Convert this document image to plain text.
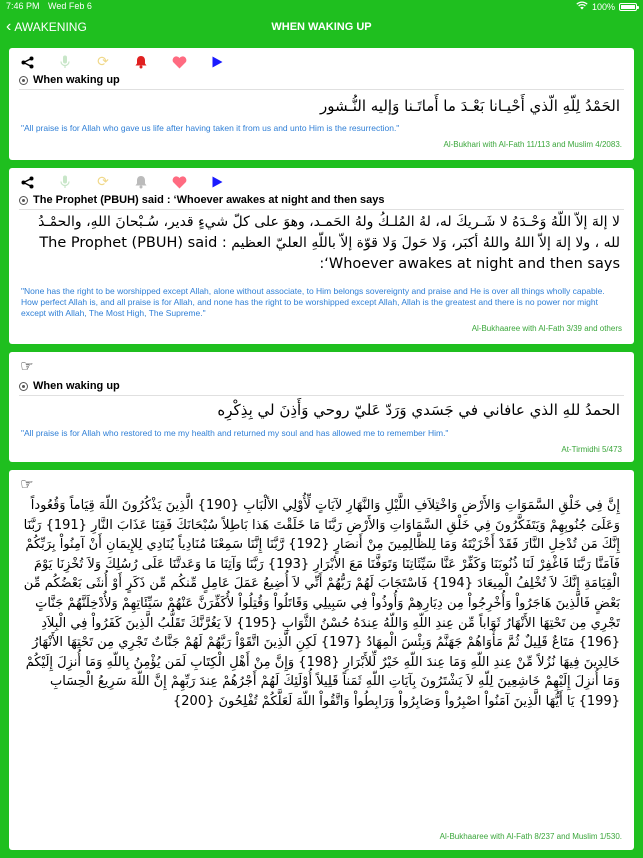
7:46 PM Wed Feb 6	100%
‹ AWAKENING	WHEN WAKING UP
⟳
When waking up
الحَمْدُ لِلّهِ الّذي أَحْيـانا بَعْـدَ ما أَماتَـنا وَإليه النُّـشور
"All praise is for Allah who gave us life after having taken it from us and unto Him is the resurrection."
Al-Bukhari with Al-Fath 11/113 and Muslim 4/2083.
⟳
The Prophet (PBUH) said : ‘Whoever awakes at night and then says
لا إلهَ إلاّ اللّهُ وَحْـدَهُ لا شَـريكَ له، لهُ المُلـكُ ولهُ الحَمـد، وهوَ على كلّ شيءٍ قدير، سُـبْحانَ اللهِ، والحمْـدُ لله ، ولا إلهَ إلاّ اللهُ واللهُ أكبَر، وَلا حَولَ وَلا قوّة إلاّ باللّهِ العليّ العظيم The Prophet (PBUH) said : ‘Whoever awakes at night and then says:
"None has the right to be worshipped except Allah, alone without associate, to Him belongs sovereignty and praise and He is over all things wholly capable. How perfect Allah is, and all praise is for Allah, and none has the right to be worshipped except Allah, Allah is the greatest and there is no power nor might except with Allah, The Most High, The Supreme."
Al-Bukhaaree with Al-Fath 3/39 and others
☞
When waking up
الحمدُ للهِ الذي عافاني في جَسَدي وَرَدّ عَليّ روحي وَأَذِنَ لي بِذِكْرِه
"All praise is for Allah who restored to me my health and returned my soul and has allowed me to remember Him."
At-Tirmidhi 5/473
☞
إِنَّ فِي خَلْقِ السَّمَوَاتِ وَالأَرْضِ وَاخْتِلاَفِ اللَّيْلِ وَالنَّهَارِ لآيَاتٍ لِّأُوْلِي الألْبَابِ {190} الَّذِينَ يَذْكُرُونَ اللّهَ قِيَاماً وَقُعُوداً وَعَلَىَ جُنُوبِهِمْ وَيَتَفَكَّرُونَ فِي خَلْقِ السَّمَاوَاتِ وَالأَرْضِ رَبَّنَا مَا خَلَقْتَ هَذا بَاطِلاً سُبْحَانَكَ فَقِنَا عَذَابَ النَّارِ {191} رَبَّنَا إِنَّكَ مَن تُدْخِلِ النَّارَ فَقَدْ أَخْزَيْتَهُ وَمَا لِلظَّالِمِينَ مِنْ أَنصَارٍ {192} رَّبَّنَا إِنَّنَا سَمِعْنَا مُنَادِياً يُنَادِي لِلإِيمَانِ أَنْ آمِنُواْ بِرَبِّكُمْ فَآمَنَّا رَبَّنَا فَاغْفِرْ لَنَا ذُنُوبَنَا وَكَفِّرْ عَنَّا سَيِّئَاتِنَا وَتَوَفَّنَا مَعَ الأبْرَارِ {193} رَبَّنَا وَآتِنَا مَا وَعَدتَّنَا عَلَى رُسُلِكَ وَلاَ تُخْزِنَا يَوْمَ الْقِيَامَةِ إِنَّكَ لاَ تُخْلِفُ الْمِيعَادَ {194} فَاسْتَجَابَ لَهُمْ رَبُّهُمْ أَنِّي لاَ أُضِيعُ عَمَلَ عَامِلٍ مِّنكُم مِّن ذَكَرٍ أَوْ أُنثَى بَعْضُكُم مِّن بَعْضٍ فَالَّذِينَ هَاجَرُواْ وَأُخْرِجُواْ مِن دِيَارِهِمْ وَأُوذُواْ فِي سَبِيلِي وَقَاتَلُواْ وَقُتِلُواْ لأُكَفِّرَنَّ عَنْهُمْ سَيِّئَاتِهِمْ وَلأُدْخِلَنَّهُمْ جَنَّاتٍ تَجْرِي مِن تَحْتِهَا الأَنْهَارُ ثَوَاباً مِّن عِندِ اللّهِ وَاللّهُ عِندَهُ حُسْنُ الثَّوَابِ {195} لاَ يَغُرَّنَّكَ تَقَلُّبُ الَّذِينَ كَفَرُواْ فِي الْبِلاَدِ {196} مَتَاعٌ قَلِيلٌ ثُمَّ مَأْوَاهُمْ جَهَنَّمُ وَبِئْسَ الْمِهَادُ {197} لَكِنِ الَّذِينَ اتَّقَوْاْ رَبَّهُمْ لَهُمْ جَنَّاتٌ تَجْرِي مِن تَحْتِهَا الأَنْهَارُ خَالِدِينَ فِيهَا نُزُلاً مِّنْ عِندِ اللّهِ وَمَا عِندَ اللّهِ خَيْرٌ لِّلأَبْرَارِ {198} وَإِنَّ مِنْ أَهْلِ الْكِتَابِ لَمَن يُؤْمِنُ بِاللّهِ وَمَا أُنزِلَ إِلَيْكُمْ وَمَا أُنزِلَ إِلَيْهِمْ خَاشِعِينَ لِلّهِ لاَ يَشْتَرُونَ بِآيَاتِ اللّهِ ثَمَناً قَلِيلاً أُوْلَئِكَ لَهُمْ أَجْرُهُمْ عِندَ رَبِّهِمْ إِنَّ اللّهَ سَرِيعُ الْحِسَابِ {199} يَا أَيُّهَا الَّذِينَ آمَنُواْ اصْبِرُواْ وَصَابِرُواْ وَرَابِطُواْ وَاتَّقُواْ اللّهَ لَعَلَّكُمْ تُفْلِحُونَ {200}
Al-Bukhaaree with Al-Fath 8/237 and Muslim 1/530.
